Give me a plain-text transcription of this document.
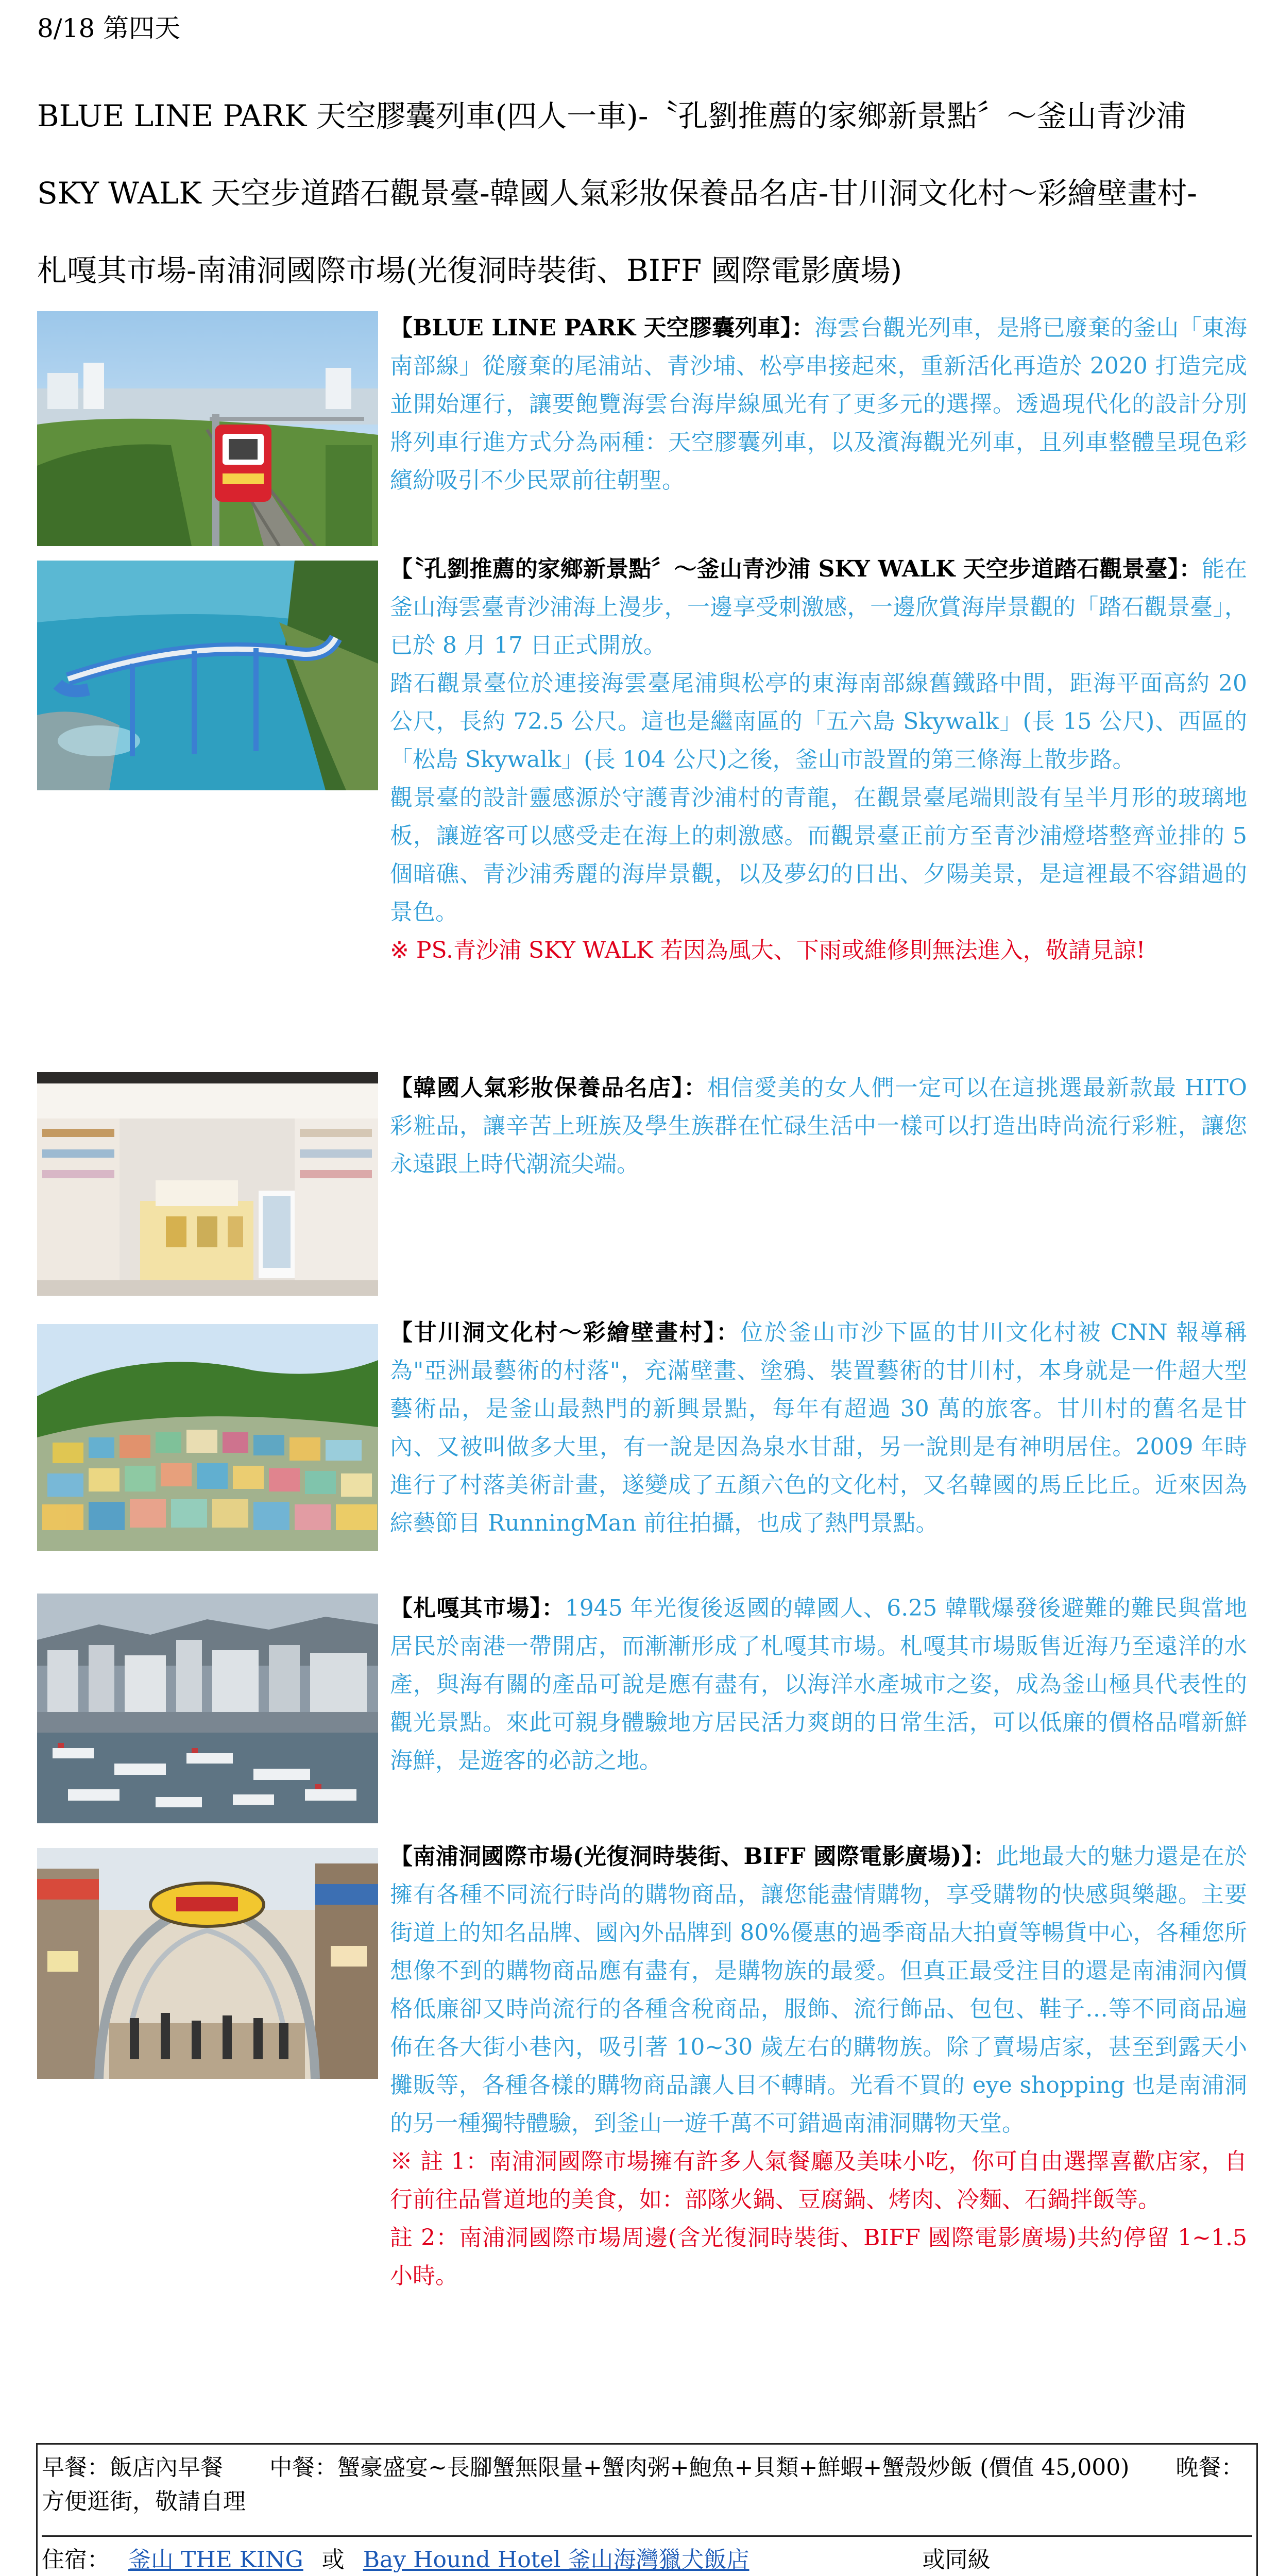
8/18 第四天
BLUE LINE PARK 天空膠囊列車(四人一車)-〝孔劉推薦的家鄉新景點〞～釜山青沙浦
SKY WALK 天空步道踏石觀景臺-韓國人氣彩妝保養品名店-甘川洞文化村～彩繪壁畫村-
札嘎其市場-南浦洞國際市場(光復洞時裝街、BIFF 國際電影廣場)

【BLUE LINE PARK 天空膠囊列車】：海雲台觀光列車，是將已廢棄的釜山「東海南部線」從廢棄的尾浦站、青沙埔、松亭串接起來，重新活化再造於 2020 打造完成並開始運行，讓要飽覽海雲台海岸線風光有了更多元的選擇。透過現代化的設計分別將列車行進方式分為兩種：天空膠囊列車，以及濱海觀光列車，且列車整體呈現色彩繽紛吸引不少民眾前往朝聖。

【〝孔劉推薦的家鄉新景點〞～釜山青沙浦 SKY WALK 天空步道踏石觀景臺】：能在釜山海雲臺青沙浦海上漫步，一邊享受刺激感，一邊欣賞海岸景觀的「踏石觀景臺」，已於 8 月 17 日正式開放。

踏石觀景臺位於連接海雲臺尾浦與松亭的東海南部線舊鐵路中間，距海平面高約 20 公尺，長約 72.5 公尺。這也是繼南區的「五六島 Skywalk」(長 15 公尺)、西區的「松島 Skywalk」(長 104 公尺)之後，釜山市設置的第三條海上散步路。

觀景臺的設計靈感源於守護青沙浦村的青龍，在觀景臺尾端則設有呈半月形的玻璃地板，讓遊客可以感受走在海上的刺激感。而觀景臺正前方至青沙浦燈塔整齊並排的 5 個暗礁、青沙浦秀麗的海岸景觀，以及夢幻的日出、夕陽美景，是這裡最不容錯過的景色。

※ PS.青沙浦 SKY WALK 若因為風大、下雨或維修則無法進入，敬請見諒!

【韓國人氣彩妝保養品名店】：相信愛美的女人們一定可以在這挑選最新款最 HITO 彩粧品，讓辛苦上班族及學生族群在忙碌生活中一樣可以打造出時尚流行彩粧，讓您永遠跟上時代潮流尖端。

【甘川洞文化村～彩繪壁畫村】：位於釜山市沙下區的甘川文化村被 CNN 報導稱為"亞洲最藝術的村落"，充滿壁畫、塗鴉、裝置藝術的甘川村，本身就是一件超大型藝術品，是釜山最熱門的新興景點，每年有超過 30 萬的旅客。甘川村的舊名是甘內、又被叫做多大里，有一說是因為泉水甘甜，另一說則是有神明居住。2009 年時進行了村落美術計畫，遂變成了五顏六色的文化村，又名韓國的馬丘比丘。近來因為綜藝節目 RunningMan 前往拍攝，也成了熱門景點。

【札嘎其市場】：1945 年光復後返國的韓國人、6.25 韓戰爆發後避難的難民與當地居民於南港一帶開店，而漸漸形成了札嘎其市場。札嘎其市場販售近海乃至遠洋的水產，與海有關的產品可說是應有盡有，以海洋水產城市之姿，成為釜山極具代表性的觀光景點。來此可親身體驗地方居民活力爽朗的日常生活，可以低廉的價格品嚐新鮮海鮮，是遊客的必訪之地。

【南浦洞國際市場(光復洞時裝街、BIFF 國際電影廣場)】：此地最大的魅力還是在於擁有各種不同流行時尚的購物商品，讓您能盡情購物，享受購物的快感與樂趣。主要街道上的知名品牌、國內外品牌到 80%優惠的過季商品大拍賣等暢貨中心，各種您所想像不到的購物商品應有盡有，是購物族的最愛。但真正最受注目的還是南浦洞內價格低廉卻又時尚流行的各種含稅商品，服飾、流行飾品、包包、鞋子…等不同商品遍佈在各大街小巷內，吸引著 10~30 歲左右的購物族。除了賣場店家，甚至到露天小攤販等，各種各樣的購物商品讓人目不轉睛。光看不買的 eye shopping 也是南浦洞的另一種獨特體驗，到釜山一遊千萬不可錯過南浦洞購物天堂。

※ 註 1：南浦洞國際市場擁有許多人氣餐廳及美味小吃，你可自由選擇喜歡店家，自行前往品嘗道地的美食，如：部隊火鍋、豆腐鍋、烤肉、冷麵、石鍋拌飯等。

註 2：南浦洞國際市場周邊(含光復洞時裝街、BIFF 國際電影廣場)共約停留 1~1.5 小時。

早餐：飯店內早餐 中餐：蟹豪盛宴~長腳蟹無限量+蟹肉粥+鮑魚+貝類+鮮蝦+蟹殼炒飯 (價值 45,000) 晚餐：方便逛街，敬請自理
住宿： 釜山 THE KING 或 Bay Hound Hotel 釜山海灣獵犬飯店	或同級
